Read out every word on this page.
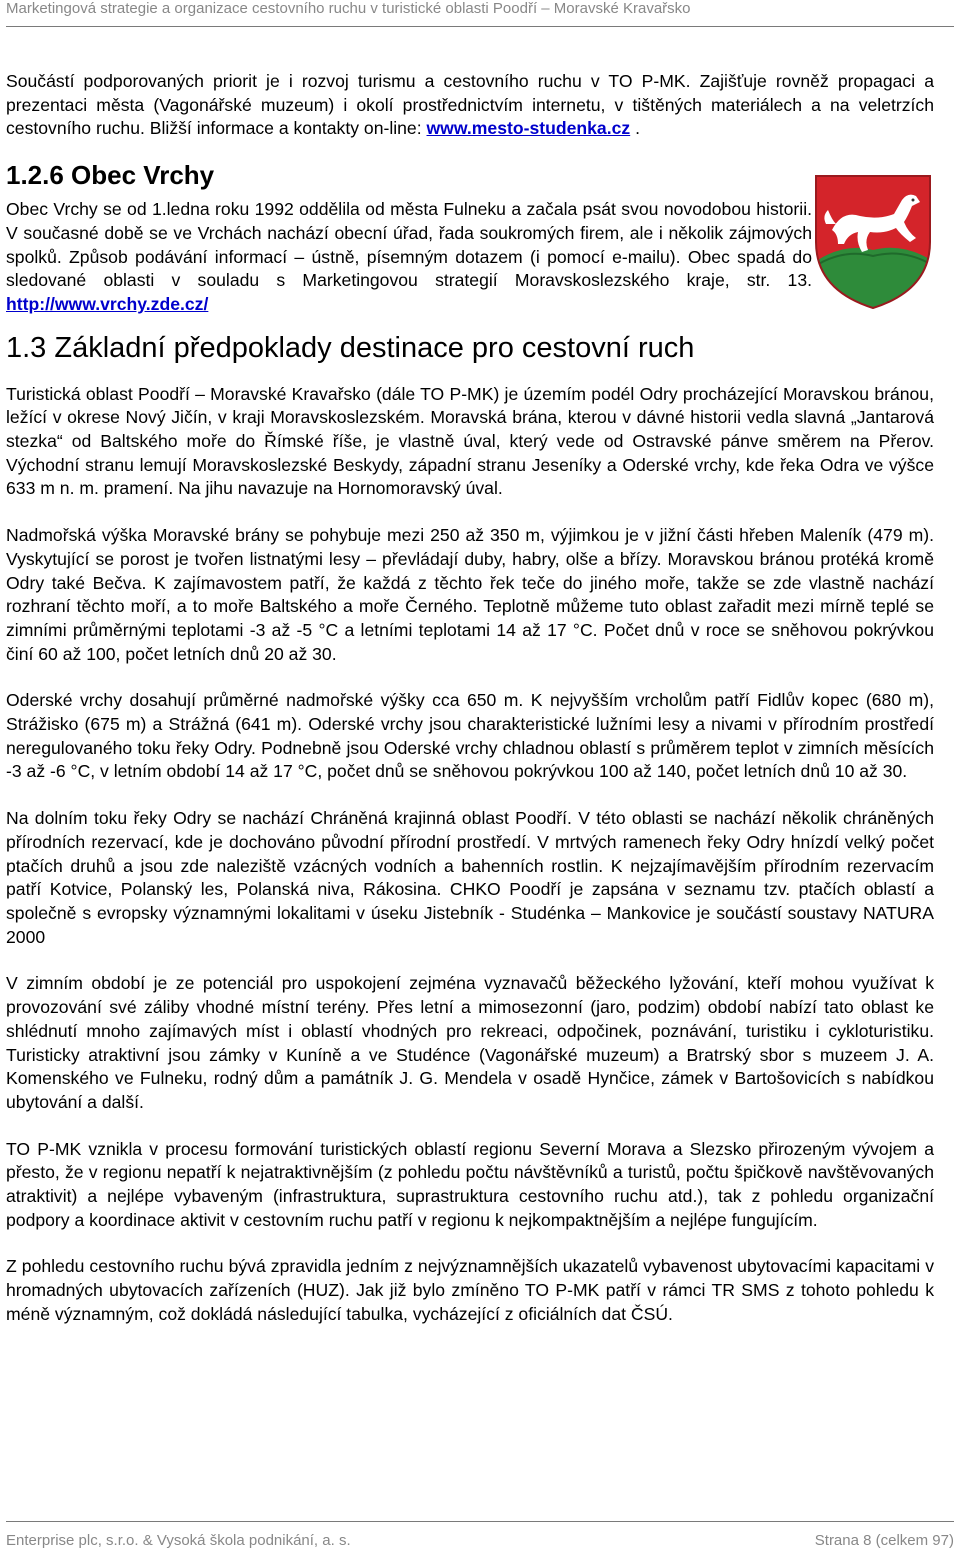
Marketingová strategie a organizace cestovního ruchu v turistické oblasti Poodří – Moravské Kravařsko

Součástí podporovaných priorit je i rozvoj turismu a cestovního ruchu v TO P-MK. Zajišťuje rovněž propagaci a prezentaci města (Vagonářské muzeum) i okolí prostřednictvím internetu, v tištěných materiálech a na veletrzích cestovního ruchu. Bližší informace a kontakty on-line: www.mesto-studenka.cz .

1.2.6 Obec Vrchy

Obec Vrchy se od 1.ledna roku 1992 oddělila od města Fulneku a začala psát svou novodobou historii. V současné době se ve Vrchách nachází obecní úřad, řada soukromých firem, ale i několik zájmových spolků. Způsob podávání informací – ústně, písemným dotazem (i pomocí e-mailu). Obec spadá do sledované oblasti v souladu s Marketingovou strategií Moravskoslezského kraje, str. 13. http://www.vrchy.zde.cz/

1.3 Základní předpoklady destinace pro cestovní ruch

Turistická oblast Poodří – Moravské Kravařsko (dále TO P-MK) je územím podél Odry procházející Moravskou bránou, ležící v okrese Nový Jičín, v kraji Moravskoslezském. Moravská brána, kterou v dávné historii vedla slavná „Jantarová stezka“ od Baltského moře do Římské říše, je vlastně úval, který vede od Ostravské pánve směrem na Přerov. Východní stranu lemují Moravskoslezské Beskydy, západní stranu Jeseníky a Oderské vrchy, kde řeka Odra ve výšce 633 m n. m. pramení. Na jihu navazuje na Hornomoravský úval.

Nadmořská výška Moravské brány se pohybuje mezi 250 až 350 m, výjimkou je v jižní části hřeben Maleník (479 m). Vyskytující se porost je tvořen listnatými lesy – převládají duby, habry, olše a břízy. Moravskou bránou protéká kromě Odry také Bečva. K zajímavostem patří, že každá z těchto řek teče do jiného moře, takže se zde vlastně nachází rozhraní těchto moří, a to moře Baltského a moře Černého. Teplotně můžeme tuto oblast zařadit mezi mírně teplé se zimními průměrnými teplotami -3 až -5 °C a letními teplotami 14 až 17 °C. Počet dnů v roce se sněhovou pokrývkou činí 60 až 100, počet letních dnů 20 až 30.

Oderské vrchy dosahují průměrné nadmořské výšky cca 650 m. K nejvyšším vrcholům patří Fidlův kopec (680 m), Strážisko (675 m) a Strážná (641 m). Oderské vrchy jsou charakteristické lužními lesy a nivami v přírodním prostředí neregulovaného toku řeky Odry. Podnebně jsou Oderské vrchy chladnou oblastí s průměrem teplot v zimních měsících -3 až -6 °C, v letním období 14 až 17 °C, počet dnů se sněhovou pokrývkou 100 až 140, počet letních dnů 10 až 30.

Na dolním toku řeky Odry se nachází Chráněná krajinná oblast Poodří. V této oblasti se nachází několik chráněných přírodních rezervací, kde je dochováno původní přírodní prostředí. V mrtvých ramenech řeky Odry hnízdí velký počet ptačích druhů a jsou zde naleziště vzácných vodních a bahenních rostlin. K nejzajímavějším přírodním rezervacím patří Kotvice, Polanský les, Polanská niva, Rákosina. CHKO Poodří je zapsána v seznamu tzv. ptačích oblastí a společně s evropsky významnými lokalitami v úseku Jistebník - Studénka – Mankovice je součástí soustavy NATURA 2000

V zimním období je ze potenciál pro uspokojení zejména vyznavačů běžeckého lyžování, kteří mohou využívat k provozování své záliby vhodné místní terény. Přes letní a mimosezonní (jaro, podzim) období nabízí tato oblast ke shlédnutí mnoho zajímavých míst i oblastí vhodných pro rekreaci, odpočinek, poznávání, turistiku i cykloturistiku. Turisticky atraktivní jsou zámky v Kuníně a ve Studénce (Vagonářské muzeum) a Bratrský sbor s muzeem J. A. Komenského ve Fulneku, rodný dům a památník J. G. Mendela v osadě Hynčice, zámek v Bartošovicích s nabídkou ubytování a další.

TO P-MK vznikla v procesu formování turistických oblastí regionu Severní Morava a Slezsko přirozeným vývojem a přesto, že v regionu nepatří k nejatraktivnějším (z pohledu počtu návštěvníků a turistů, počtu špičkově navštěvovaných atraktivit) a nejlépe vybaveným (infrastruktura, suprastruktura cestovního ruchu atd.), tak z pohledu organizační podpory a koordinace aktivit v cestovním ruchu patří v regionu k nejkompaktnějším a nejlépe fungujícím.

Z pohledu cestovního ruchu bývá zpravidla jedním z nejvýznamnějších ukazatelů vybavenost ubytovacími kapacitami v hromadných ubytovacích zařízeních (HUZ). Jak již bylo zmíněno TO P-MK patří v rámci TR SMS z tohoto pohledu k méně významným, což dokládá následující tabulka, vycházející z oficiálních dat ČSÚ.

Enterprise plc, s.r.o. & Vysoká škola podnikání, a. s.	Strana 8 (celkem 97)
